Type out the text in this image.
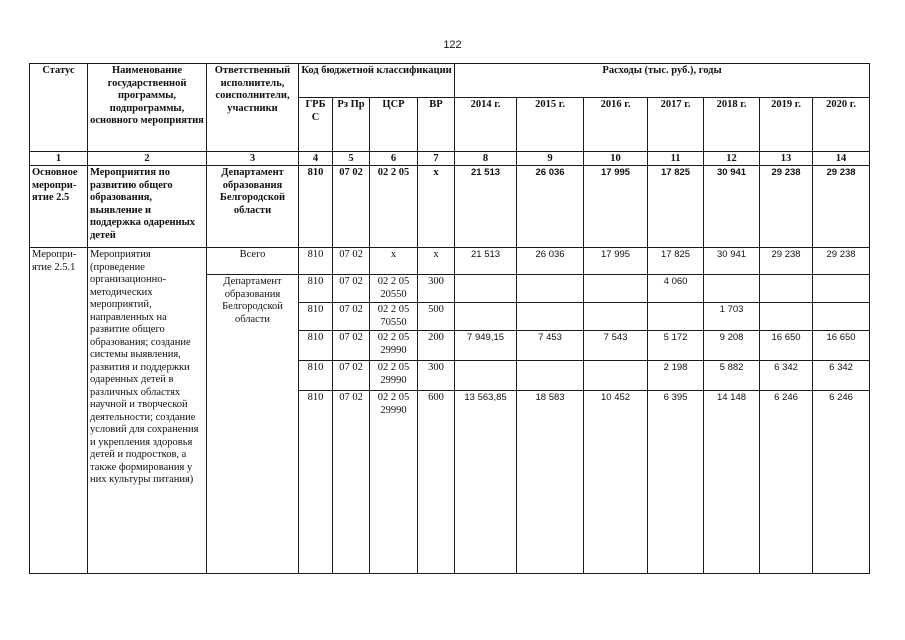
122
Статус	Наименование государственной программы, подпрограммы, основного мероприятия	Ответственный исполнитель, соисполнители, участники	Код бюджетной классификации				Расходы (тыс. руб.), годы						
			ГРБ С	Рз Пр	ЦСР	ВР	2014 г.	2015 г.	2016 г.	2017 г.	2018 г.	2019 г.	2020 г.
1	2	3	4	5	6	7	8	9	10	11	12	13	14
Основное меропри-ятие 2.5	Мероприятия по развитию общего образования, выявление и поддержка одаренных детей	Департамент образования Белгородской области	810	07 02	02 2 05	х	21 513	26 036	17 995	17 825	30 941	29 238	29 238
Меропри-ятие 2.5.1	Мероприятия (проведение организационно-методических мероприятий, направленных на развитие общего образования; создание системы выявления, развития и поддержки одаренных детей в различных областях научной и творческой деятельности; создание условий для сохранения и укрепления здоровья детей и подростков, а также формирования у них культуры питания)	Всего	810	07 02	х	х	21 513	26 036	17 995	17 825	30 941	29 238	29 238
		Департамент образования Белгородской области	810	07 02	02 2 05 20550	300				4 060			
			810	07 02	02 2 05 70550	500					1 703		
			810	07 02	02 2 05 29990	200	7 949,15	7 453	7 543	5 172	9 208	16 650	16 650
			810	07 02	02 2 05 29990	300				2 198	5 882	6 342	6 342
			810	07 02	02 2 05 29990	600	13 563,85	18 583	10 452	6 395	14 148	6 246	6 246
